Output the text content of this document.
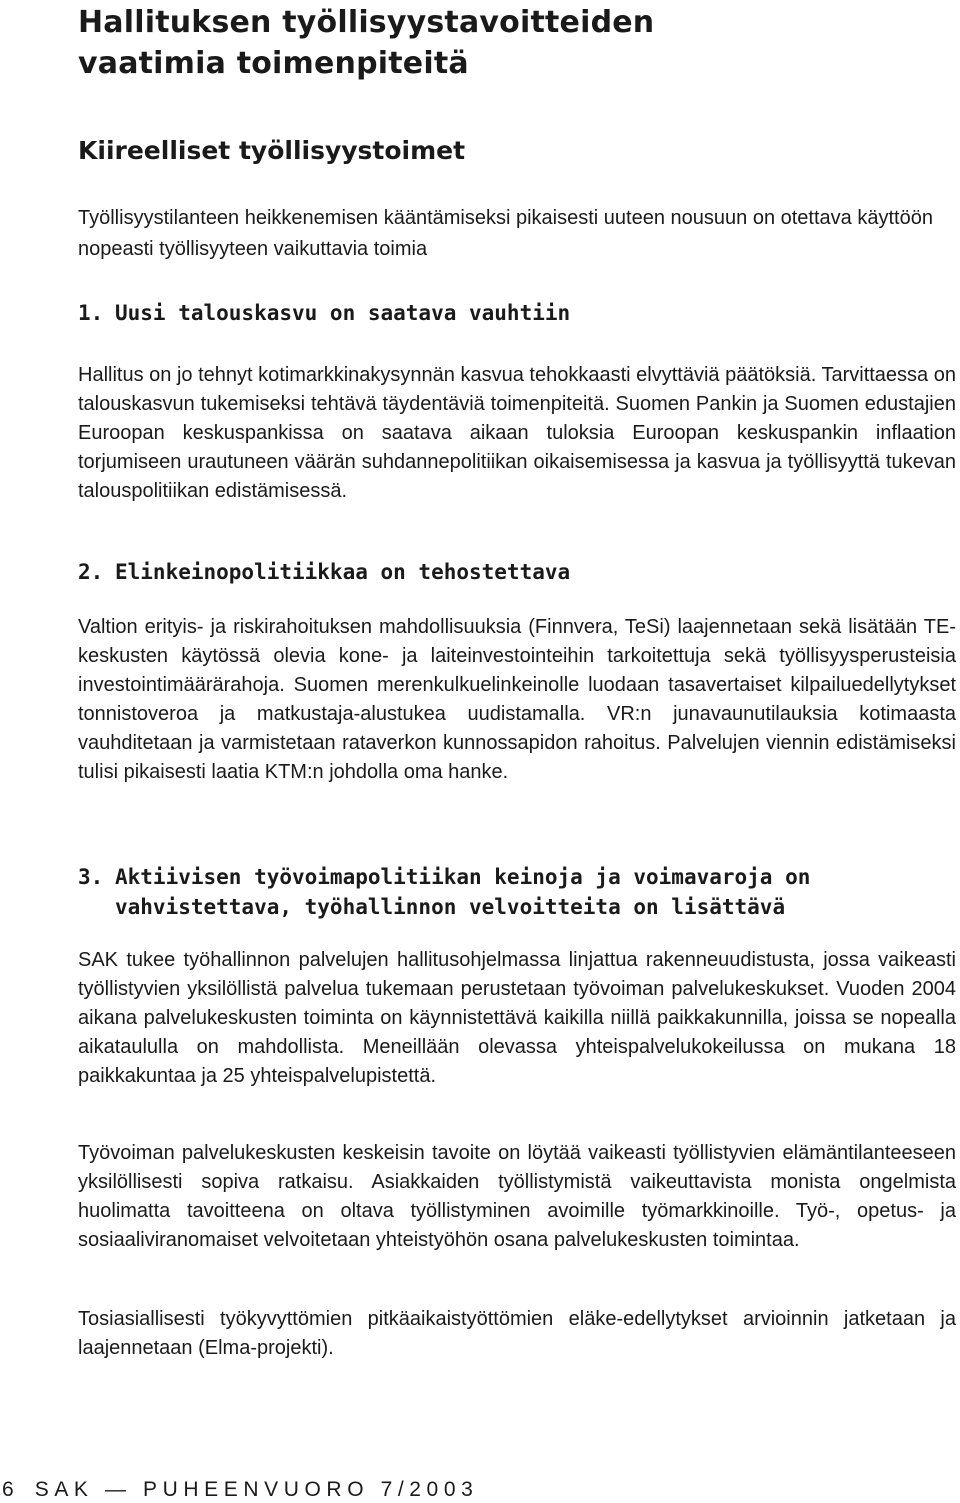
Hallituksen työllisyystavoitteiden vaatimia toimenpiteitä
Kiireelliset työllisyystoimet

Työllisyystilanteen heikkenemisen kääntämiseksi pikaisesti uuteen nousuun on otettava käyttöön nopeasti työllisyyteen vaikuttavia toimia

1. Uusi talouskasvu on saatava vauhtiin

Hallitus on jo tehnyt kotimarkkinakysynnän kasvua tehokkaasti elvyttäviä päätöksiä. Tarvittaessa on talouskasvun tukemiseksi tehtävä täydentäviä toimenpiteitä. Suomen Pankin ja Suomen edustajien Euroopan keskuspankissa on saatava aikaan tuloksia Euroopan keskuspankin inflaation torjumiseen urautuneen väärän suhdannepolitiikan oikaisemisessa ja kasvua ja työllisyyttä tukevan talouspolitiikan edistämisessä.

2. Elinkeinopolitiikkaa on tehostettava

Valtion erityis- ja riskirahoituksen mahdollisuuksia (Finnvera, TeSi) laajennetaan sekä lisätään TE-keskusten käytössä olevia kone- ja laiteinvestointeihin tarkoitettuja sekä työllisyysperusteisia investointimäärärahoja. Suomen merenkulkuelinkeinolle luodaan tasavertaiset kilpailuedellytykset tonnistoveroa ja matkustaja-alustukea uudistamalla. VR:n junavaunutilauksia kotimaasta vauhditetaan ja varmistetaan rataverkon kunnossapidon rahoitus. Palvelujen viennin edistämiseksi tulisi pikaisesti laatia KTM:n johdolla oma hanke.

3. Aktiivisen työvoimapolitiikan keinoja ja voimavaroja on vahvistettava, työhallinnon velvoitteita on lisättävä

SAK tukee työhallinnon palvelujen hallitusohjelmassa linjattua rakenneuudistusta, jossa vaikeasti työllistyvien yksilöllistä palvelua tukemaan perustetaan työvoiman palvelukeskukset. Vuoden 2004 aikana palvelukeskusten toiminta on käynnistettävä kaikilla niillä paikkakunnilla, joissa se nopealla aikataululla on mahdollista. Meneillään olevassa yhteispalvelukokeilussa on mukana 18 paikkakuntaa ja 25 yhteispalvelupistettä.

Työvoiman palvelukeskusten keskeisin tavoite on löytää vaikeasti työllistyvien elämäntilanteeseen yksilöllisesti sopiva ratkaisu. Asiakkaiden työllistymistä vaikeuttavista monista ongelmista huolimatta tavoitteena on oltava työllistyminen avoimille työmarkkinoille. Työ-, opetus- ja sosiaaliviranomaiset velvoitetaan yhteistyöhön osana palvelukeskusten toimintaa.

Tosiasiallisesti työkyvyttömien pitkäaikaistyöttömien eläke-edellytykset arvioinnin jatketaan ja laajennetaan (Elma-projekti).

6 SAK — PUHEENVUORO 7/2003
